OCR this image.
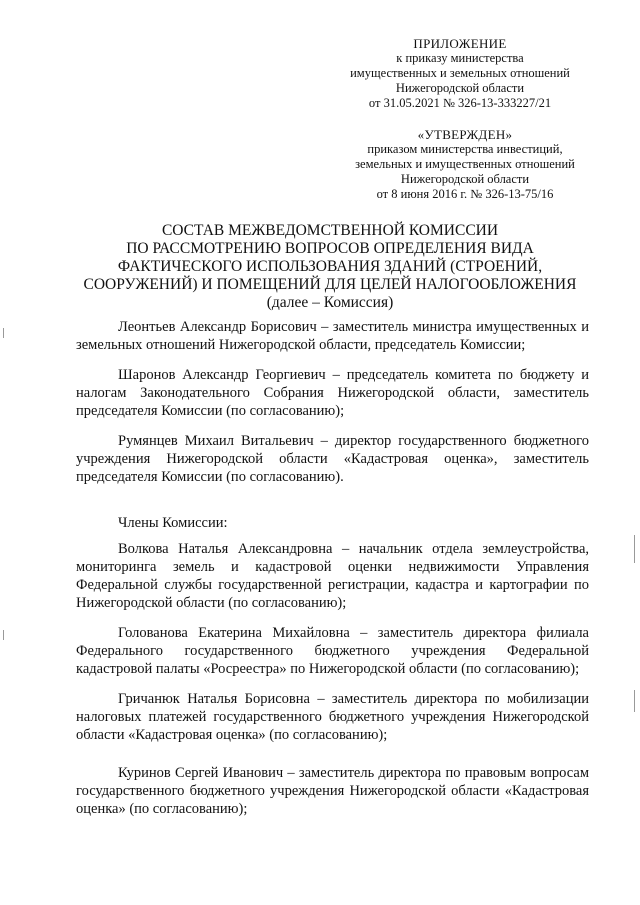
ПРИЛОЖЕНИЕ
к приказу министерства
имущественных и земельных отношений
Нижегородской области
от 31.05.2021 № 326-13-333227/21
«УТВЕРЖДЕН»
приказом министерства инвестиций,
земельных и имущественных отношений
Нижегородской области
от 8 июня 2016 г. № 326-13-75/16
СОСТАВ МЕЖВЕДОМСТВЕННОЙ КОМИССИИ
ПО РАССМОТРЕНИЮ ВОПРОСОВ ОПРЕДЕЛЕНИЯ ВИДА
ФАКТИЧЕСКОГО ИСПОЛЬЗОВАНИЯ ЗДАНИЙ (СТРОЕНИЙ,
СООРУЖЕНИЙ) И ПОМЕЩЕНИЙ ДЛЯ ЦЕЛЕЙ НАЛОГООБЛОЖЕНИЯ
(далее – Комиссия)

Леонтьев Александр Борисович – заместитель министра имущественных и земельных отношений Нижегородской области, председатель Комиссии;

Шаронов Александр Георгиевич – председатель комитета по бюджету и налогам Законодательного Собрания Нижегородской области, заместитель председателя Комиссии (по согласованию);

Румянцев Михаил Витальевич – директор государственного бюджетного учреждения Нижегородской области «Кадастровая оценка», заместитель председателя Комиссии (по согласованию).

Члены Комиссии:

Волкова Наталья Александровна – начальник отдела землеустройства, мониторинга земель и кадастровой оценки недвижимости Управления Федеральной службы государственной регистрации, кадастра и картографии по Нижегородской области (по согласованию);

Голованова Екатерина Михайловна – заместитель директора филиала Федерального государственного бюджетного учреждения Федеральной кадастровой палаты «Росреестра» по Нижегородской области (по согласованию);

Гричанюк Наталья Борисовна – заместитель директора по мобилизации налоговых платежей государственного бюджетного учреждения Нижегородской области «Кадастровая оценка» (по согласованию);

Куринов Сергей Иванович – заместитель директора по правовым вопросам государственного бюджетного учреждения Нижегородской области «Кадастровая оценка» (по согласованию);
